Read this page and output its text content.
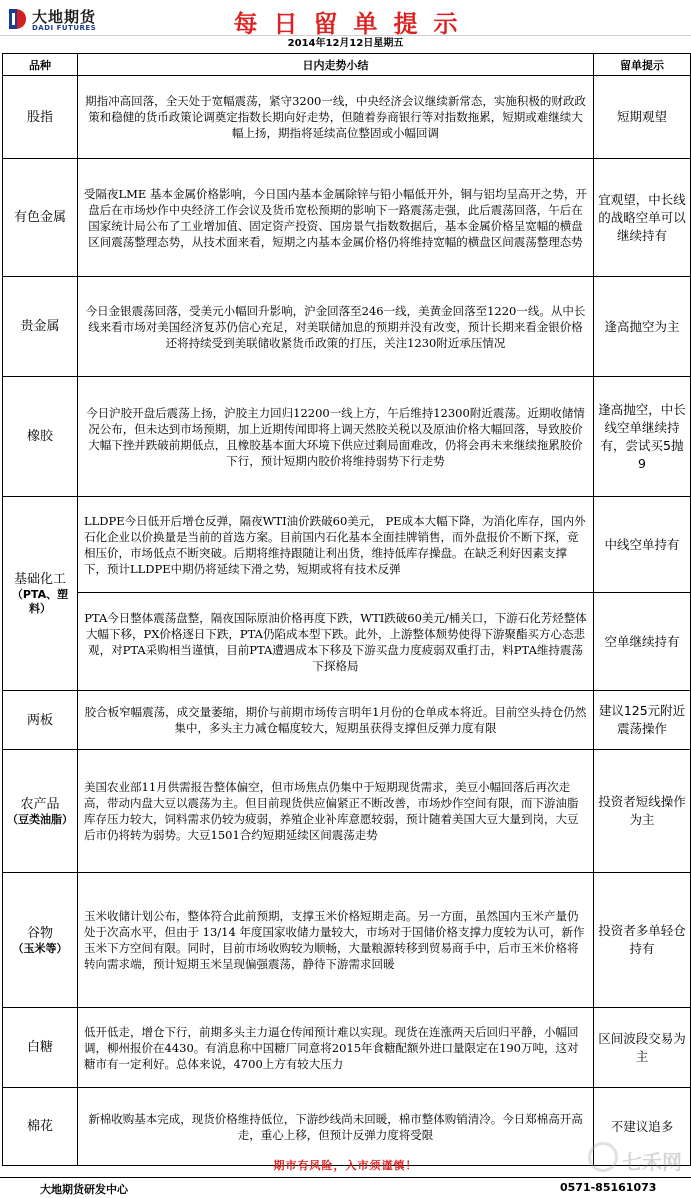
大地期货
DADI FUTURES	每日留单提示
2014年12月12日星期五
品种	日内走势小结	留单提示
股指	期指冲高回落，全天处于宽幅震荡，紧守3200一线，中央经济会议继续新常态，实施积极的财政政策和稳健的货币政策论调奠定指数长期向好走势，但随着券商银行等对指数拖累，短期或难继续大幅上扬，期指将延续高位整固或小幅回调	短期观望
有色金属	受隔夜LME 基本金属价格影响，今日国内基本金属除锌与铅小幅低开外，铜与铝均呈高开之势，开盘后在市场炒作中央经济工作会议及货币宽松预期的影响下一路震荡走强，此后震荡回落，午后在国家统计局公布了工业增加值、固定资产投资、国房景气指数数据后，基本金属价格呈宽幅的横盘区间震荡整理态势，从技术面来看，短期之内基本金属价格仍将维持宽幅的横盘区间震荡整理态势	宜观望，中长线的战略空单可以继续持有
贵金属	今日金银震荡回落，受美元小幅回升影响，沪金回落至246一线，美黄金回落至1220一线。从中长线来看市场对美国经济复苏仍信心充足，对美联储加息的预期并没有改变，预计长期来看金银价格还将持续受到美联储收紧货币政策的打压，关注1230附近承压情况	逢高抛空为主
橡胶	今日沪胶开盘后震荡上扬，沪胶主力回归12200一线上方，午后维持12300附近震荡。近期收储情况公布，但未达到市场预期，加上近期传闻即将上调天然胶关税以及原油价格大幅回落，导致胶价大幅下挫并跌破前期低点，且橡胶基本面大环境下供应过剩局面难改，仍将会再未来继续拖累胶价下行，预计短期内胶价将维持弱势下行走势	逢高抛空，中长线空单继续持有，尝试买5抛9
基础化工
（PTA、塑料）	LLDPE今日低开后增仓反弹，隔夜WTI油价跌破60美元， PE成本大幅下降，为消化库存，国内外石化企业以价换量是当前的首选方案。目前国内石化基本全面挂牌销售，而外盘报价不断下探，竞相压价，市场低点不断突破。后期将维持跟随让利出货，维持低库存操盘。在缺乏利好因素支撑下，预计LLDPE中期仍将延续下滑之势，短期或将有技术反弹	中线空单持有
	PTA今日整体震荡盘整，隔夜国际原油价格再度下跌，WTI跌破60美元/桶关口，下游石化芳烃整体大幅下移，PX价格逐日下跌，PTA仍陷成本型下跌。此外，上游整体颓势使得下游聚酯买方心态悲观，对PTA采购相当谨慎，目前PTA遭遇成本下移及下游买盘力度疲弱双重打击，料PTA维持震荡下探格局	空单继续持有
两板	胶合板窄幅震荡，成交量萎缩，期价与前期市场传言明年1月份的仓单成本将近。目前空头持仓仍然集中，多头主力减仓幅度较大，短期虽获得支撑但反弹力度有限	建议125元附近震荡操作
农产品
（豆类油脂）	美国农业部11月供需报告整体偏空，但市场焦点仍集中于短期现货需求，美豆小幅回落后再次走高，带动内盘大豆以震荡为主。但目前现货供应偏紧正不断改善，市场炒作空间有限，而下游油脂库存压力较大，饲料需求仍较为疲弱，养殖企业补库意愿较弱，预计随着美国大豆大量到岗，大豆后市仍将转为弱势。大豆1501合约短期延续区间震荡走势	投资者短线操作为主
谷物
（玉米等）	玉米收储计划公布，整体符合此前预期，支撑玉米价格短期走高。另一方面，虽然国内玉米产量仍处于次高水平，但由于 13/14 年度国家收储力量较大，市场对于国储价格支撑力度较为认可，新作玉米下方空间有限。同时，目前市场收购较为顺畅，大量粮源转移到贸易商手中，后市玉米价格将转向需求端，预计短期玉米呈现偏强震荡，静待下游需求回暖	投资者多单轻仓持有
白糖	低开低走，增仓下行，前期多头主力逼仓传闻预计难以实现。现货在连涨两天后回归平静，小幅回调，柳州报价在4430。有消息称中国糖厂同意将2015年食糖配额外进口量限定在190万吨，这对糖市有一定利好。总体来说，4700上方有较大压力	区间波段交易为主
棉花	新棉收购基本完成，现货价格维持低位，下游纱线尚未回暖，棉市整体购销清冷。今日郑棉高开高走，重心上移，但预计反弹力度将受限	不建议追多
期市有风险，入市须谨慎！
大地期货研发中心	0571-85161073
七禾网
